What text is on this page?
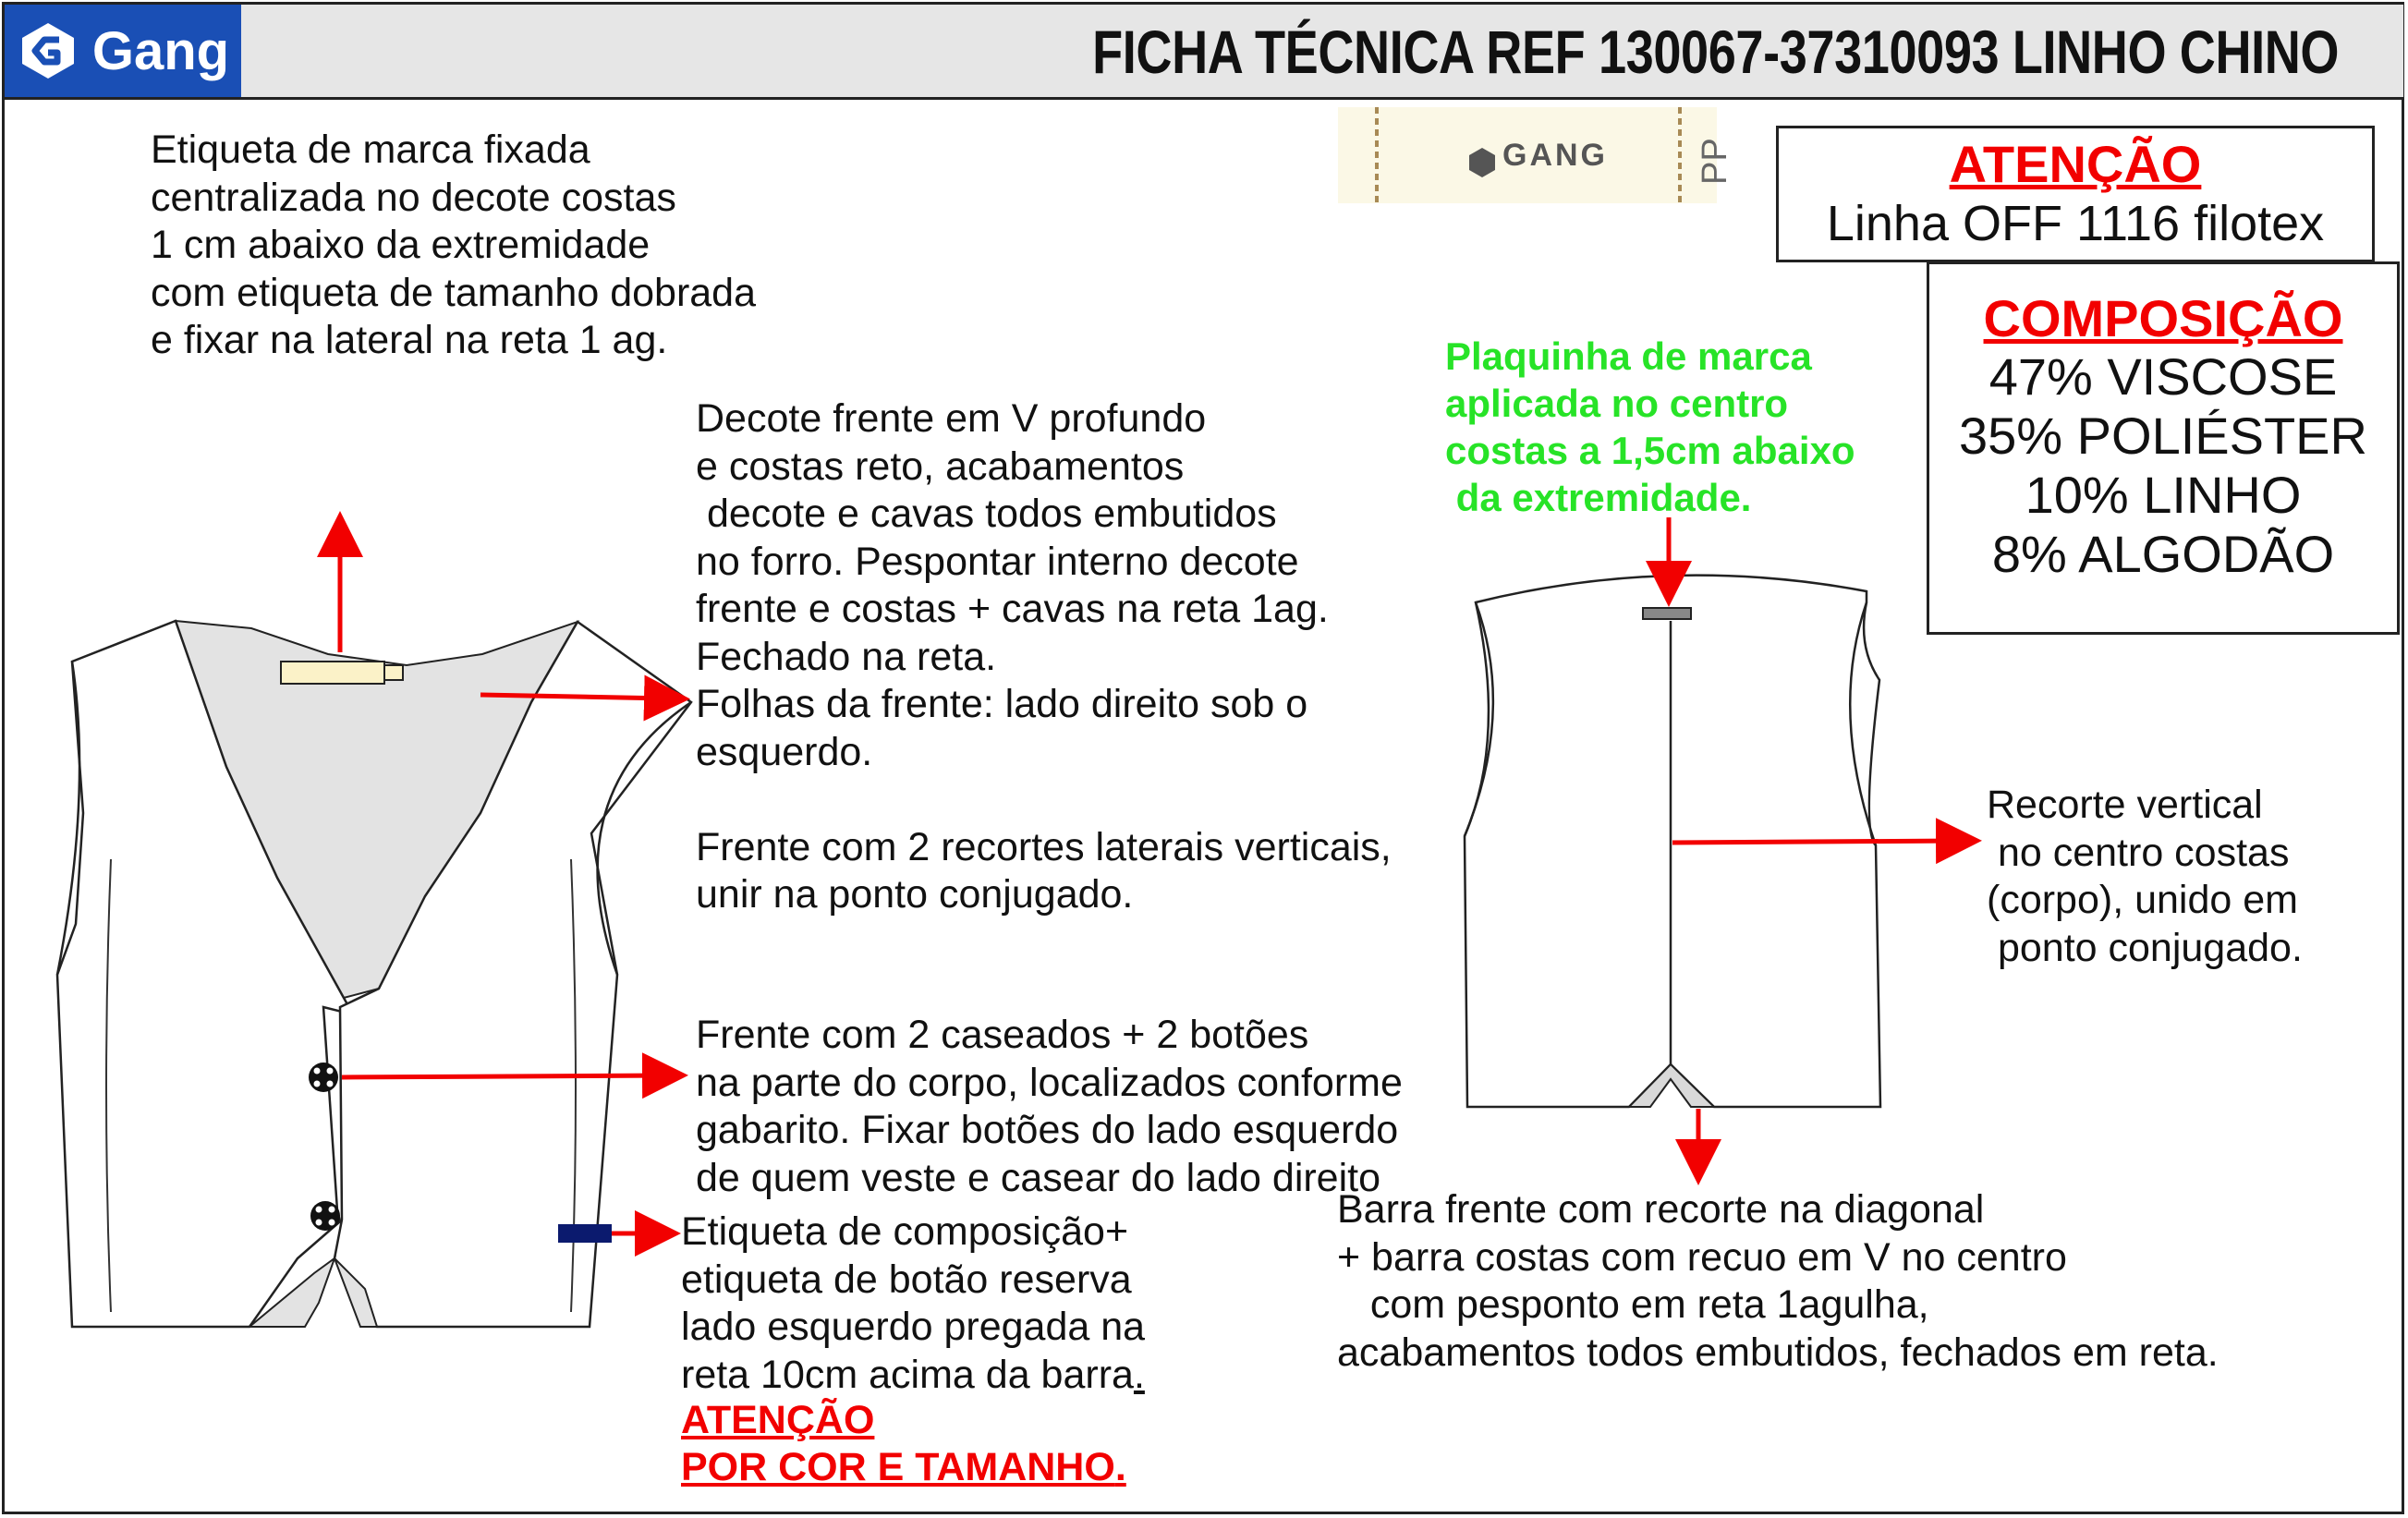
Gang	FICHA TÉCNICA REF 130067-37310093 LINHO CHINO
GANG	PP	ATENÇÃO
Linha OFF 1116 filotex
COMPOSIÇÃO
47% VISCOSE
35% POLIÉSTER
10% LINHO
8% ALGODÃO
Etiqueta de marca fixada
centralizada no decote costas
1 cm abaixo da extremidade
com etiqueta de tamanho dobrada
e fixar na lateral na reta 1 ag.
Decote frente em V profundo
e costas reto, acabamentos
decote e cavas todos embutidos
no forro. Pespontar interno decote
frente e costas + cavas na reta 1ag.
Fechado na reta.
Folhas da frente: lado direito sob o
esquerdo.

Frente com 2 recortes laterais verticais,
unir na ponto conjugado.
Frente com 2 caseados + 2 botões
na parte do corpo, localizados conforme
gabarito. Fixar botões do lado esquerdo
de quem veste e casear do lado direito
Etiqueta de composição+
etiqueta de botão reserva
lado esquerdo pregada na
reta 10cm acima da barra.
ATENÇÃO
POR COR E TAMANHO.
Plaquinha de marca
aplicada no centro
costas a 1,5cm abaixo
da extremidade.
Recorte vertical
no centro costas
(corpo), unido em
ponto conjugado.
Barra frente com recorte na diagonal
+ barra costas com recuo em V no centro
com pesponto em reta 1agulha,
acabamentos todos embutidos, fechados em reta.
